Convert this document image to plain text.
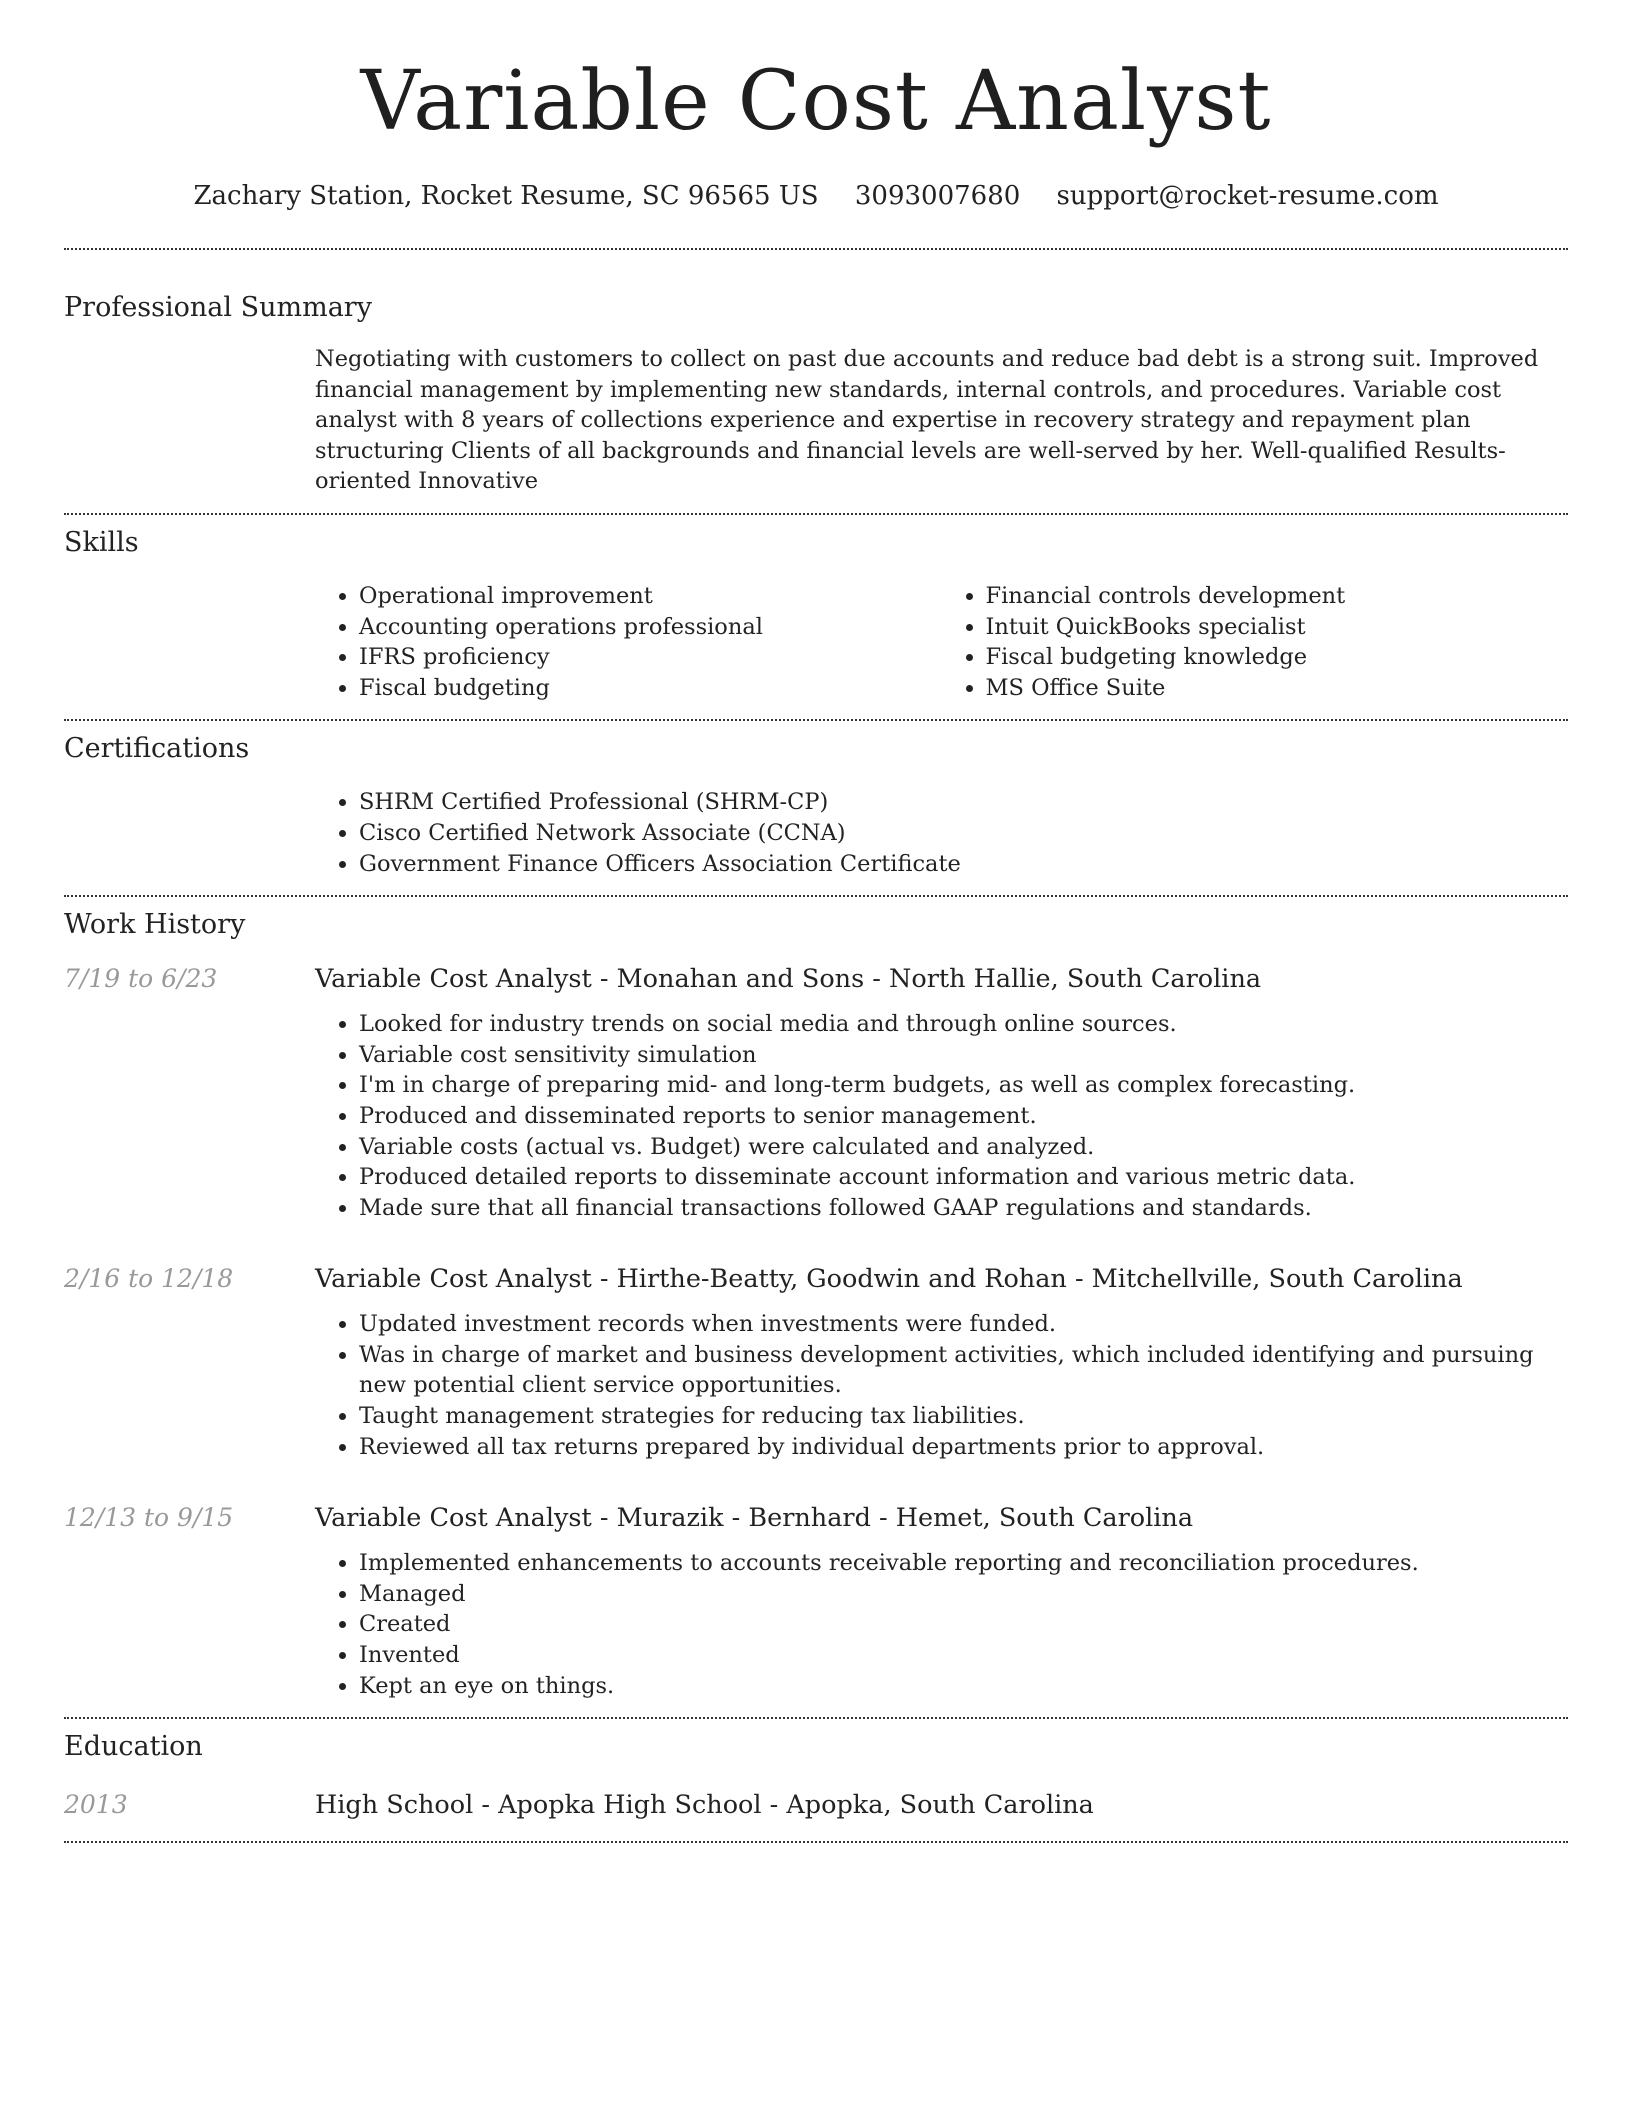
Variable Cost Analyst
Zachary Station, Rocket Resume, SC 96565 US 3093007680 support@rocket-resume.com
Professional Summary

Negotiating with customers to collect on past due accounts and reduce bad debt is a strong suit. Improved financial management by implementing new standards, internal controls, and procedures. Variable cost analyst with 8 years of collections experience and expertise in recovery strategy and repayment plan structuring Clients of all backgrounds and financial levels are well-served by her. Well-qualified Results-oriented Innovative

Skills
• Operational improvement
• Accounting operations professional
• IFRS proficiency
• Fiscal budgeting
• Financial controls development
• Intuit QuickBooks specialist
• Fiscal budgeting knowledge
• MS Office Suite
Certifications
• SHRM Certified Professional (SHRM-CP)
• Cisco Certified Network Associate (CCNA)
• Government Finance Officers Association Certificate
Work History
7/19 to 6/23	Variable Cost Analyst - Monahan and Sons - North Hallie, South Carolina
• Looked for industry trends on social media and through online sources.
• Variable cost sensitivity simulation
• I'm in charge of preparing mid- and long-term budgets, as well as complex forecasting.
• Produced and disseminated reports to senior management.
• Variable costs (actual vs. Budget) were calculated and analyzed.
• Produced detailed reports to disseminate account information and various metric data.
• Made sure that all financial transactions followed GAAP regulations and standards.
2/16 to 12/18	Variable Cost Analyst - Hirthe-Beatty, Goodwin and Rohan - Mitchellville, South Carolina
• Updated investment records when investments were funded.
• Was in charge of market and business development activities, which included identifying and pursuing new potential client service opportunities.
• Taught management strategies for reducing tax liabilities.
• Reviewed all tax returns prepared by individual departments prior to approval.
12/13 to 9/15	Variable Cost Analyst - Murazik - Bernhard - Hemet, South Carolina
• Implemented enhancements to accounts receivable reporting and reconciliation procedures.
• Managed
• Created
• Invented
• Kept an eye on things.
Education
2013	High School - Apopka High School - Apopka, South Carolina
